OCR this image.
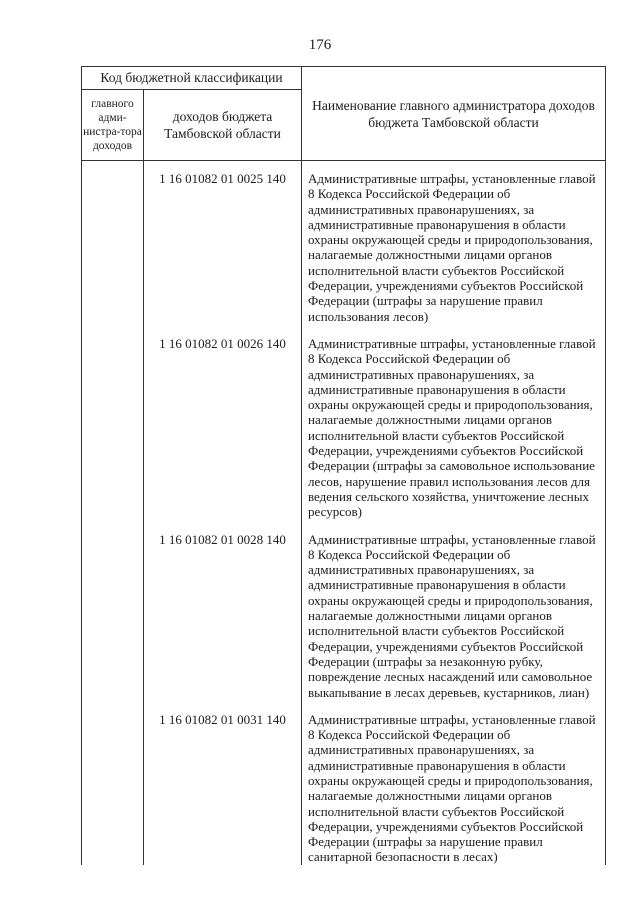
176
Код бюджетной классификации		Наименование главного администратора доходов бюджета Тамбовской области
главного адми-нистра-тора доходов	доходов бюджета Тамбовской области	
	1 16 01082 01 0025 140	Административные штрафы, установленные главой 8 Кодекса Российской Федерации об административных правонарушениях, за административные правонарушения в области охраны окружающей среды и природопользования, налагаемые должностными лицами органов исполнительной власти субъектов Российской Федерации, учреждениями субъектов Российской Федерации (штрафы за нарушение правил использования лесов)
	1 16 01082 01 0026 140	Административные штрафы, установленные главой 8 Кодекса Российской Федерации об административных правонарушениях, за административные правонарушения в области охраны окружающей среды и природопользования, налагаемые должностными лицами органов исполнительной власти субъектов Российской Федерации, учреждениями субъектов Российской Федерации (штрафы за самовольное использование лесов, нарушение правил использования лесов для ведения сельского хозяйства, уничтожение лесных ресурсов)
	1 16 01082 01 0028 140	Административные штрафы, установленные главой 8 Кодекса Российской Федерации об административных правонарушениях, за административные правонарушения в области охраны окружающей среды и природопользования, налагаемые должностными лицами органов исполнительной власти субъектов Российской Федерации, учреждениями субъектов Российской Федерации (штрафы за незаконную рубку, повреждение лесных насаждений или самовольное выкапывание в лесах деревьев, кустарников, лиан)
	1 16 01082 01 0031 140	Административные штрафы, установленные главой 8 Кодекса Российской Федерации об административных правонарушениях, за административные правонарушения в области охраны окружающей среды и природопользования, налагаемые должностными лицами органов исполнительной власти субъектов Российской Федерации, учреждениями субъектов Российской Федерации (штрафы за нарушение правил санитарной безопасности в лесах)
